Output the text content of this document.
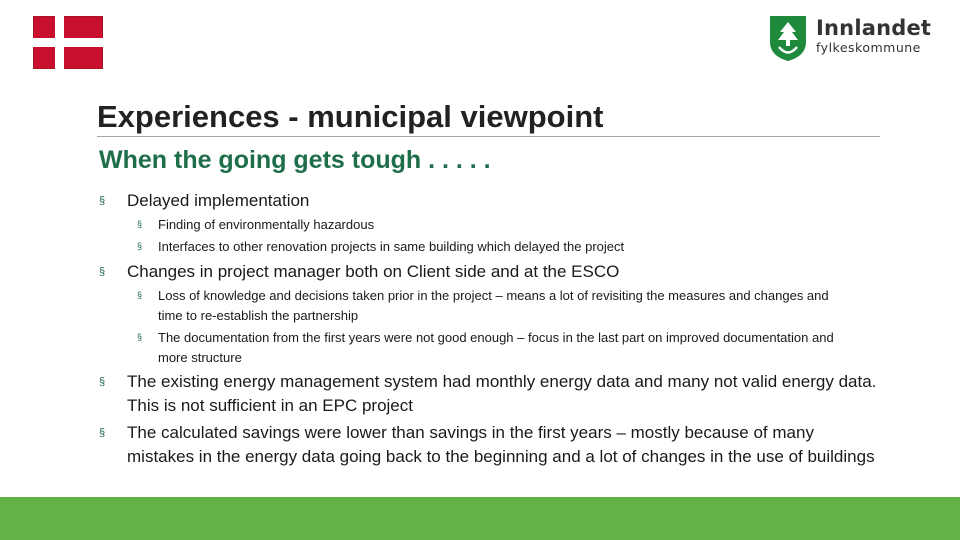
Innlandet
fylkeskommune
Experiences - municipal viewpoint
When the going gets tough . . . . .
§ Delayed implementation
§ Finding of environmentally hazardous
§ Interfaces to other renovation projects in same building which delayed the project
§ Changes in project manager both on Client side and at the ESCO
§ Loss of knowledge and decisions taken prior in the project – means a lot of revisiting the measures and changes and time to re-establish the partnership
§ The documentation from the first years were not good enough – focus in the last part on improved documentation and more structure
§ The existing energy management system had monthly energy data and many not valid energy data. This is not sufficient in an EPC project
§ The calculated savings were lower than savings in the first years – mostly because of many mistakes in the energy data going back to the beginning and a lot of changes in the use of buildings
